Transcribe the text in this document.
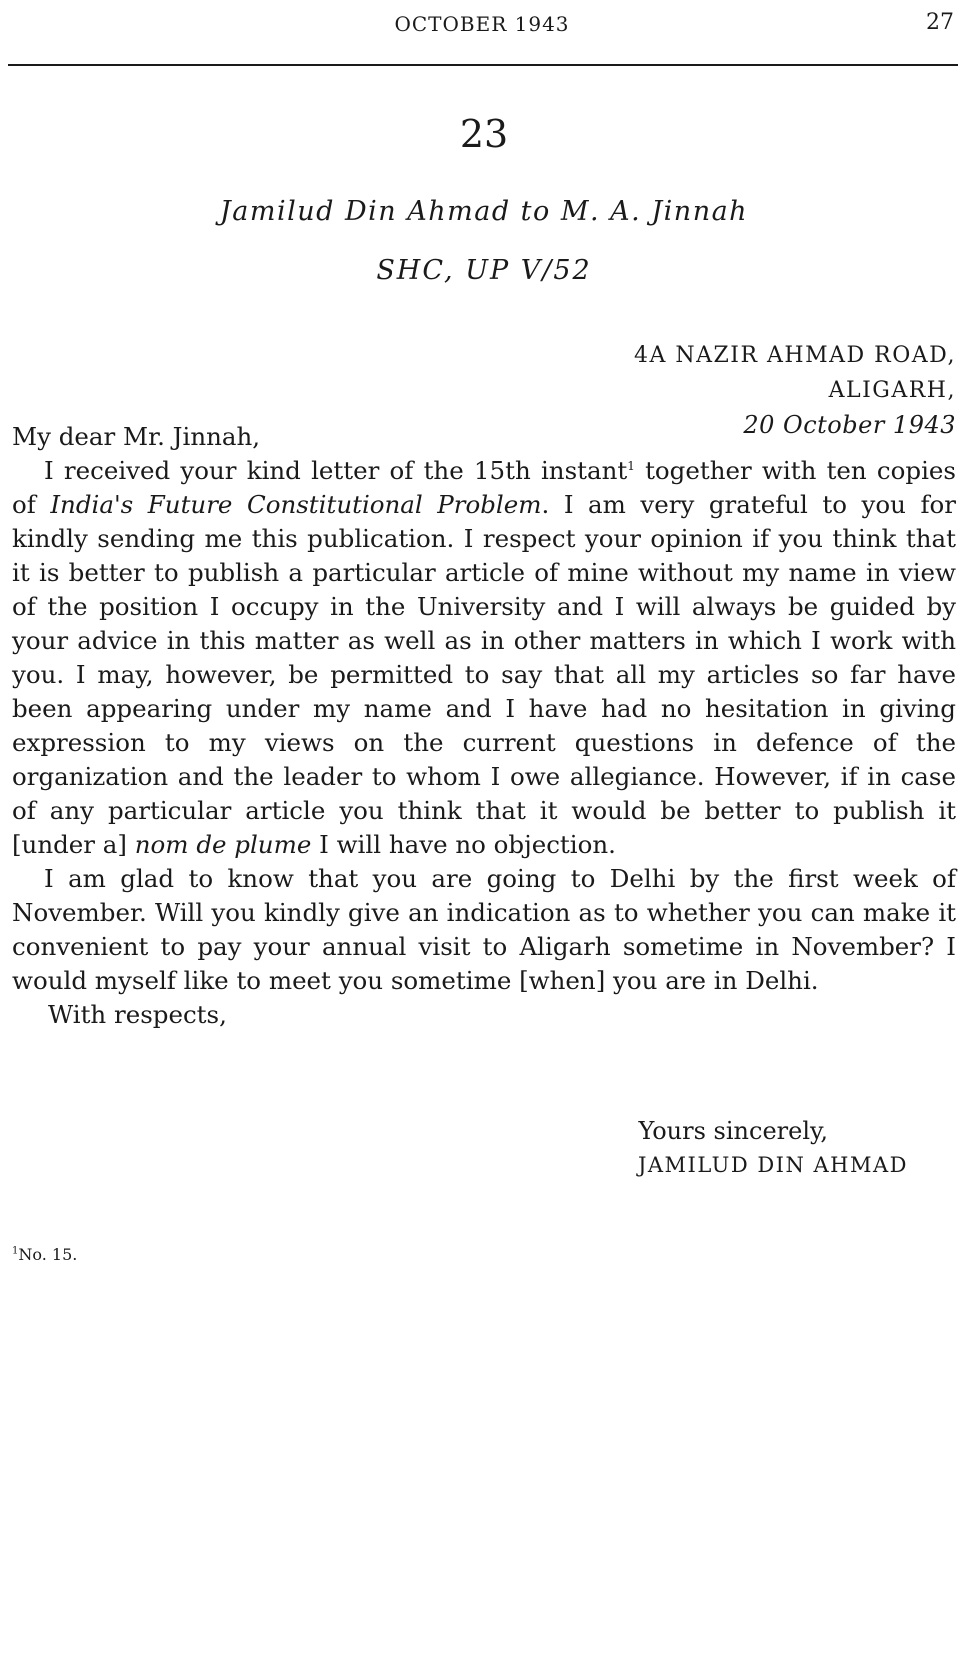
OCTOBER 1943	27
23
Jamilud Din Ahmad to M. A. Jinnah
SHC, UP V/52
4A NAZIR AHMAD ROAD,
ALIGARH,
20 October 1943

My dear Mr. Jinnah,

I received your kind letter of the 15th instant$^1$ together with ten copies of India's Future Constitutional Problem. I am very grateful to you for kindly sending me this publication. I respect your opinion if you think that it is better to publish a particular article of mine without my name in view of the position I occupy in the University and I will always be guided by your advice in this matter as well as in other matters in which I work with you. I may, however, be permitted to say that all my articles so far have been appearing under my name and I have had no hesitation in giving expression to my views on the current questions in defence of the organization and the leader to whom I owe allegiance. However, if in case of any particular article you think that it would be better to publish it [under a] nom de plume I will have no objection.

I am glad to know that you are going to Delhi by the first week of November. Will you kindly give an indication as to whether you can make it convenient to pay your annual visit to Aligarh sometime in November? I would myself like to meet you sometime [when] you are in Delhi.

With respects,

Yours sincerely,
JAMILUD DIN AHMAD
$^1$No. 15.
